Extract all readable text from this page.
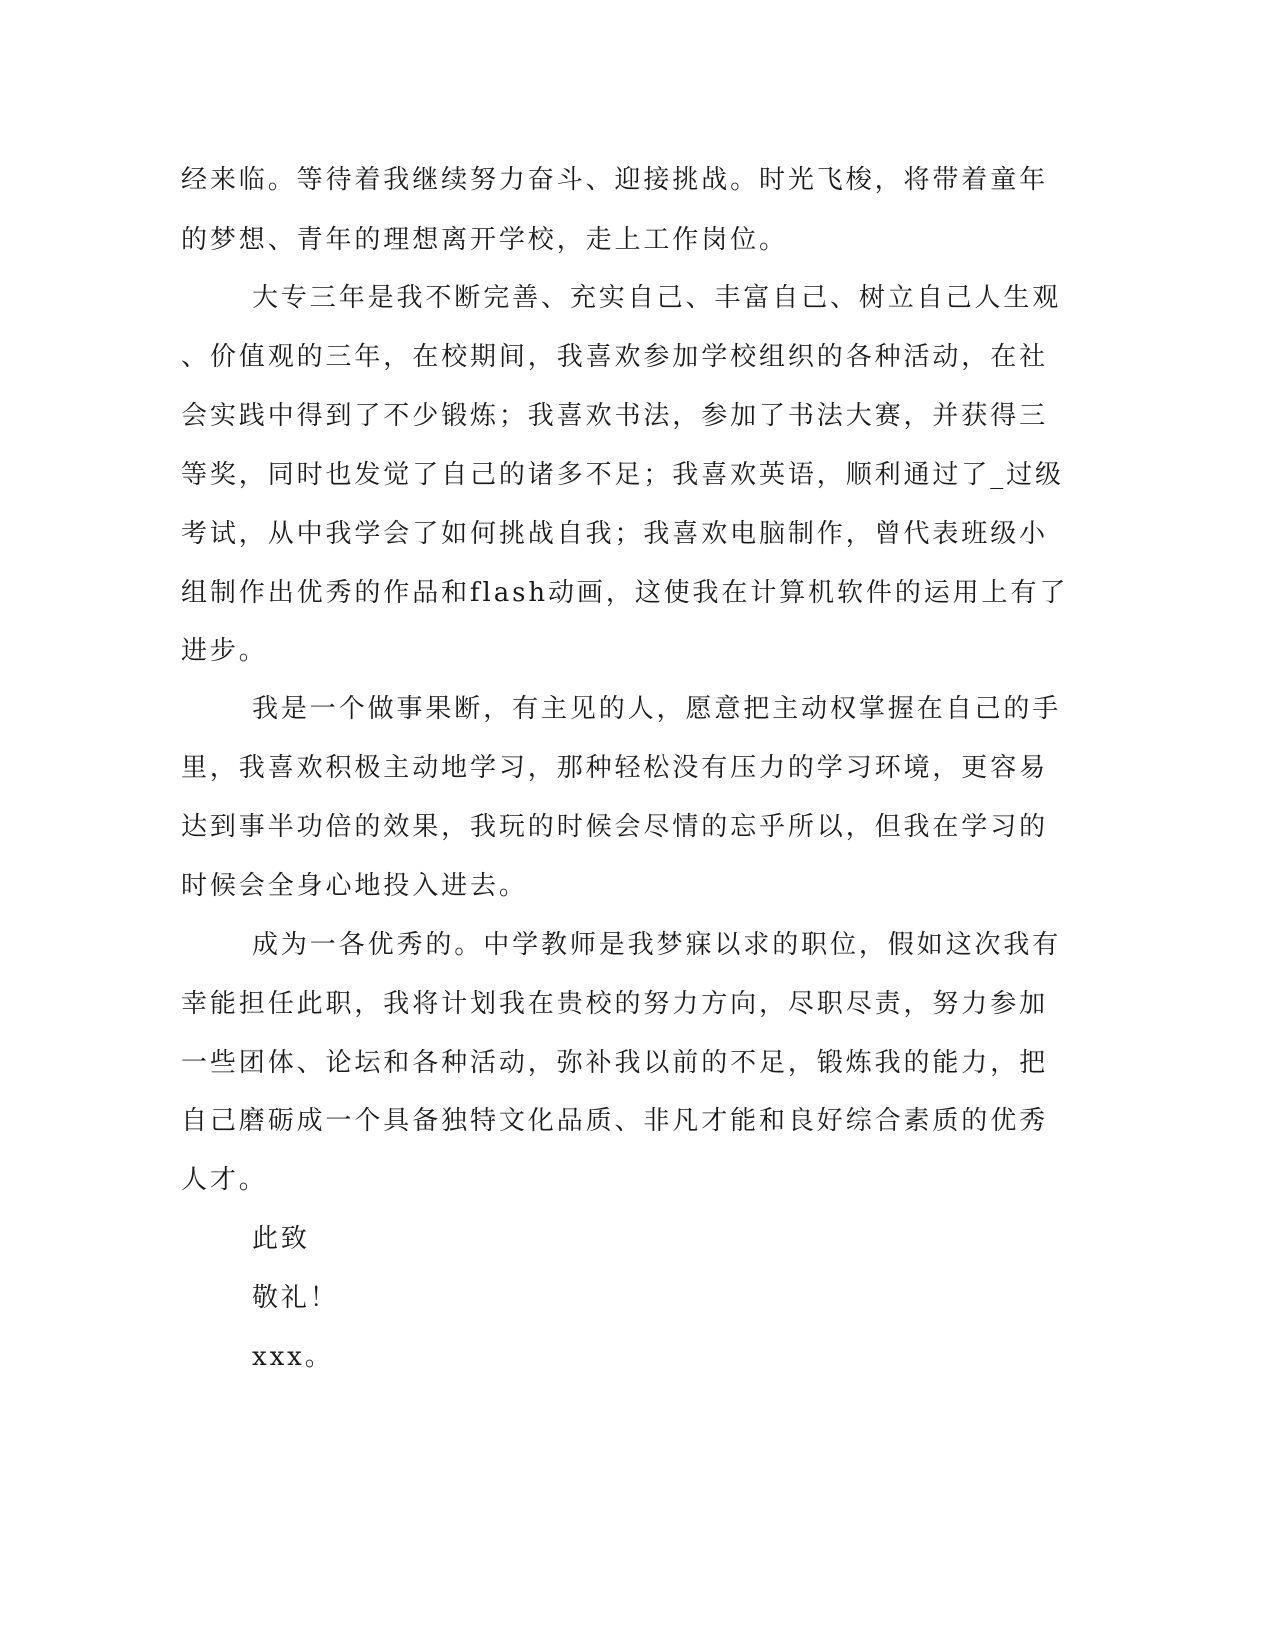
经来临。等待着我继续努力奋斗、迎接挑战。时光飞梭，将带着童年
的梦想、青年的理想离开学校，走上工作岗位。
大专三年是我不断完善、充实自己、丰富自己、树立自己人生观
、价值观的三年，在校期间，我喜欢参加学校组织的各种活动，在社
会实践中得到了不少锻炼；我喜欢书法，参加了书法大赛，并获得三
等奖，同时也发觉了自己的诸多不足；我喜欢英语，顺利通过了_过级
考试，从中我学会了如何挑战自我；我喜欢电脑制作，曾代表班级小
组制作出优秀的作品和flash动画，这使我在计算机软件的运用上有了
进步。
我是一个做事果断，有主见的人，愿意把主动权掌握在自己的手
里，我喜欢积极主动地学习，那种轻松没有压力的学习环境，更容易
达到事半功倍的效果，我玩的时候会尽情的忘乎所以，但我在学习的
时候会全身心地投入进去。
成为一各优秀的。中学教师是我梦寐以求的职位，假如这次我有
幸能担任此职，我将计划我在贵校的努力方向，尽职尽责，努力参加
一些团体、论坛和各种活动，弥补我以前的不足，锻炼我的能力，把
自己磨砺成一个具备独特文化品质、非凡才能和良好综合素质的优秀
人才。
此致
敬礼！
xxx。
